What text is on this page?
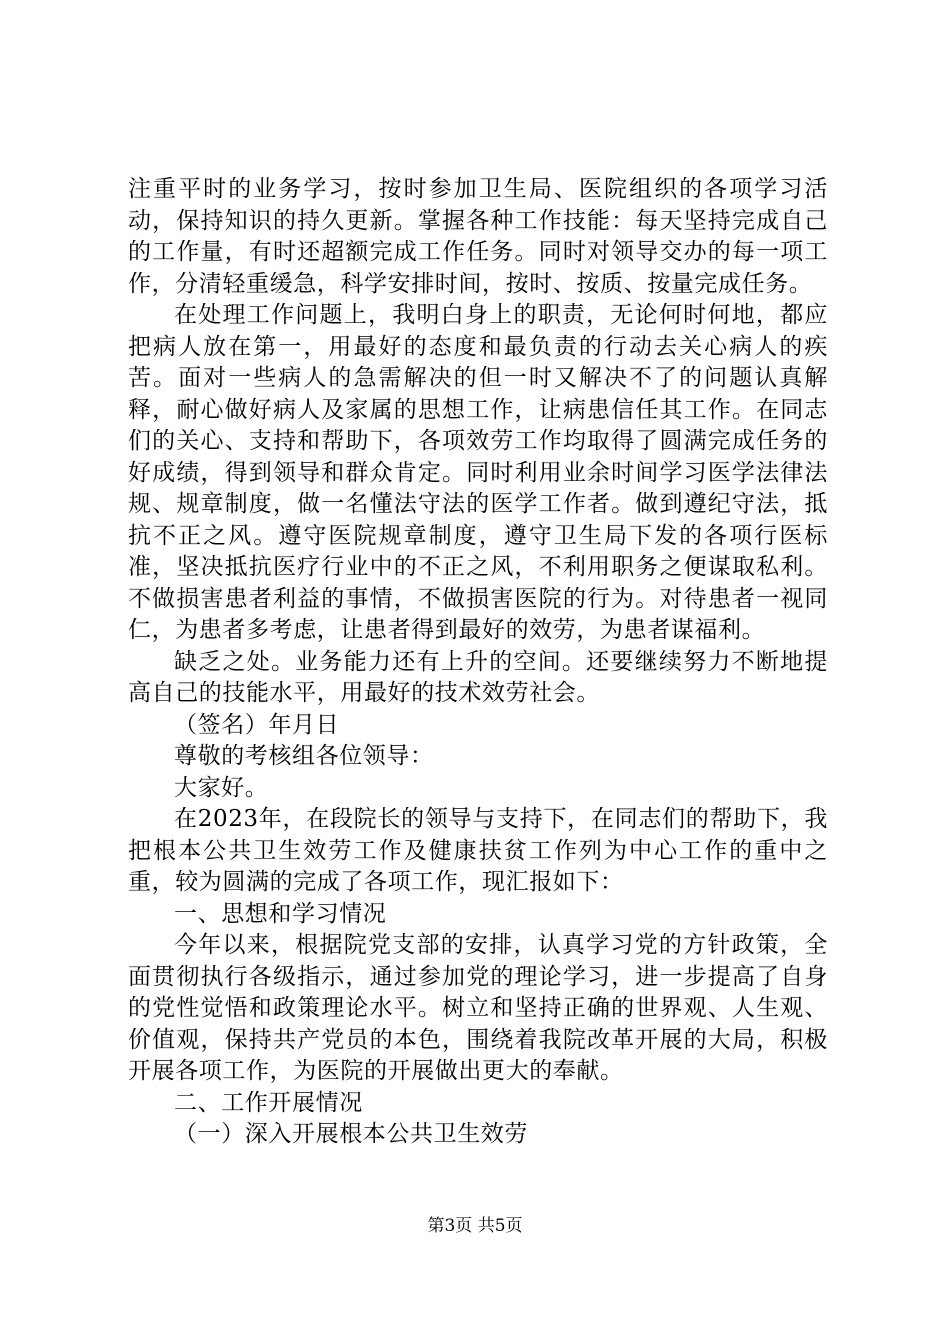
注重平时的业务学习，按时参加卫生局、医院组织的各项学习活动，保持知识的持久更新。掌握各种工作技能：每天坚持完成自己的工作量，有时还超额完成工作任务。同时对领导交办的每一项工作，分清轻重缓急，科学安排时间，按时、按质、按量完成任务。

在处理工作问题上，我明白身上的职责，无论何时何地，都应把病人放在第一，用最好的态度和最负责的行动去关心病人的疾苦。面对一些病人的急需解决的但一时又解决不了的问题认真解释，耐心做好病人及家属的思想工作，让病患信任其工作。在同志们的关心、支持和帮助下，各项效劳工作均取得了圆满完成任务的好成绩，得到领导和群众肯定。同时利用业余时间学习医学法律法规、规章制度，做一名懂法守法的医学工作者。做到遵纪守法，抵抗不正之风。遵守医院规章制度，遵守卫生局下发的各项行医标准，坚决抵抗医疗行业中的不正之风，不利用职务之便谋取私利。不做损害患者利益的事情，不做损害医院的行为。对待患者一视同仁，为患者多考虑，让患者得到最好的效劳，为患者谋福利。

缺乏之处。业务能力还有上升的空间。还要继续努力不断地提高自己的技能水平，用最好的技术效劳社会。

（签名）年月日

尊敬的考核组各位领导：

大家好。

在2023年，在段院长的领导与支持下，在同志们的帮助下，我把根本公共卫生效劳工作及健康扶贫工作列为中心工作的重中之重，较为圆满的完成了各项工作，现汇报如下：

一、思想和学习情况

今年以来，根据院党支部的安排，认真学习党的方针政策，全面贯彻执行各级指示，通过参加党的理论学习，进一步提高了自身的党性觉悟和政策理论水平。树立和坚持正确的世界观、人生观、价值观，保持共产党员的本色，围绕着我院改革开展的大局，积极开展各项工作，为医院的开展做出更大的奉献。

二、工作开展情况

（一）深入开展根本公共卫生效劳

第3页 共5页
